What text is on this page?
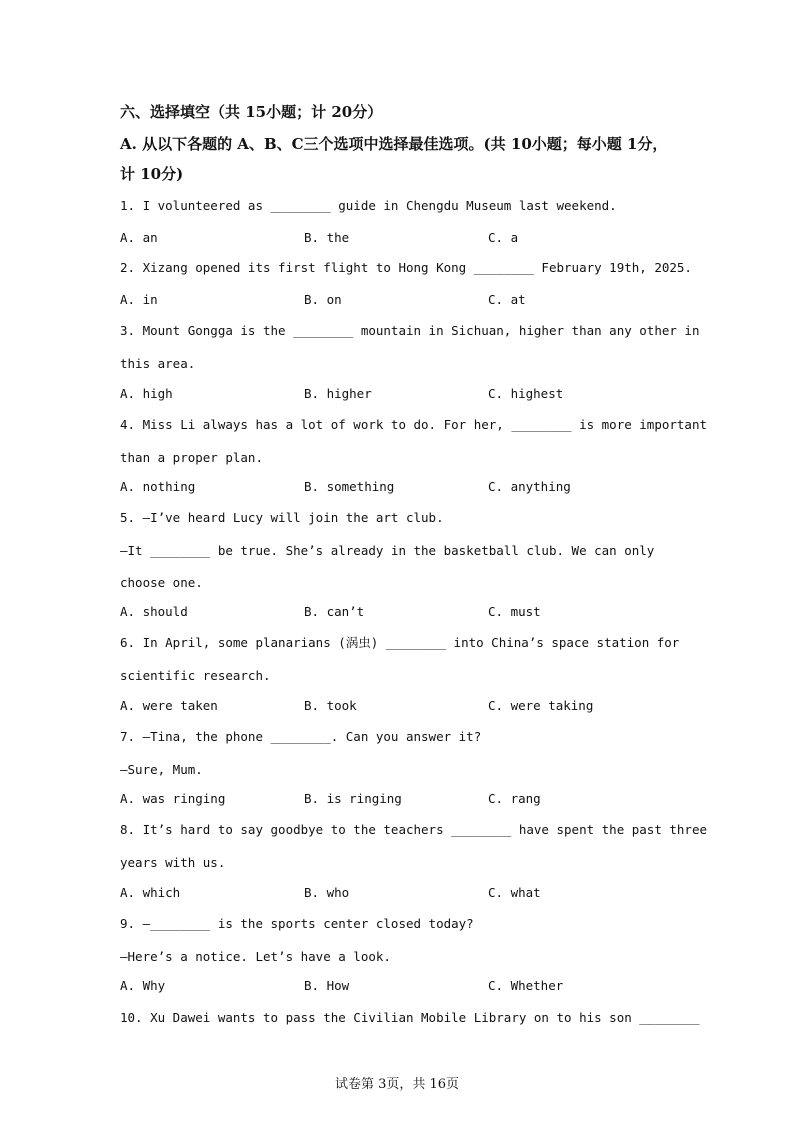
六、选择填空（共 15小题；计 20分）
A. 从以下各题的 A、B、C三个选项中选择最佳选项。(共 10小题；每小题 1分，
计 10分)
1. I volunteered as ________ guide in Chengdu Museum last weekend.
A. an	B. the	C. a
2. Xizang opened its first flight to Hong Kong ________ February 19th, 2025.
A. in	B. on	C. at
3. Mount Gongga is the ________ mountain in Sichuan, higher than any other in
this area.
A. high	B. higher	C. highest
4. Miss Li always has a lot of work to do. For her, ________ is more important
than a proper plan.
A. nothing	B. something	C. anything
5. —I’ve heard Lucy will join the art club.
—It ________ be true. She’s already in the basketball club. We can only
choose one.
A. should	B. can’t	C. must
6. In April, some planarians (涡虫) ________ into China’s space station for
scientific research.
A. were taken	B. took	C. were taking
7. —Tina, the phone ________. Can you answer it?
—Sure, Mum.
A. was ringing	B. is ringing	C. rang
8. It’s hard to say goodbye to the teachers ________ have spent the past three
years with us.
A. which	B. who	C. what
9. —________ is the sports center closed today?
—Here’s a notice. Let’s have a look.
A. Why	B. How	C. Whether
10. Xu Dawei wants to pass the Civilian Mobile Library on to his son ________
试卷第 3页，共 16页
